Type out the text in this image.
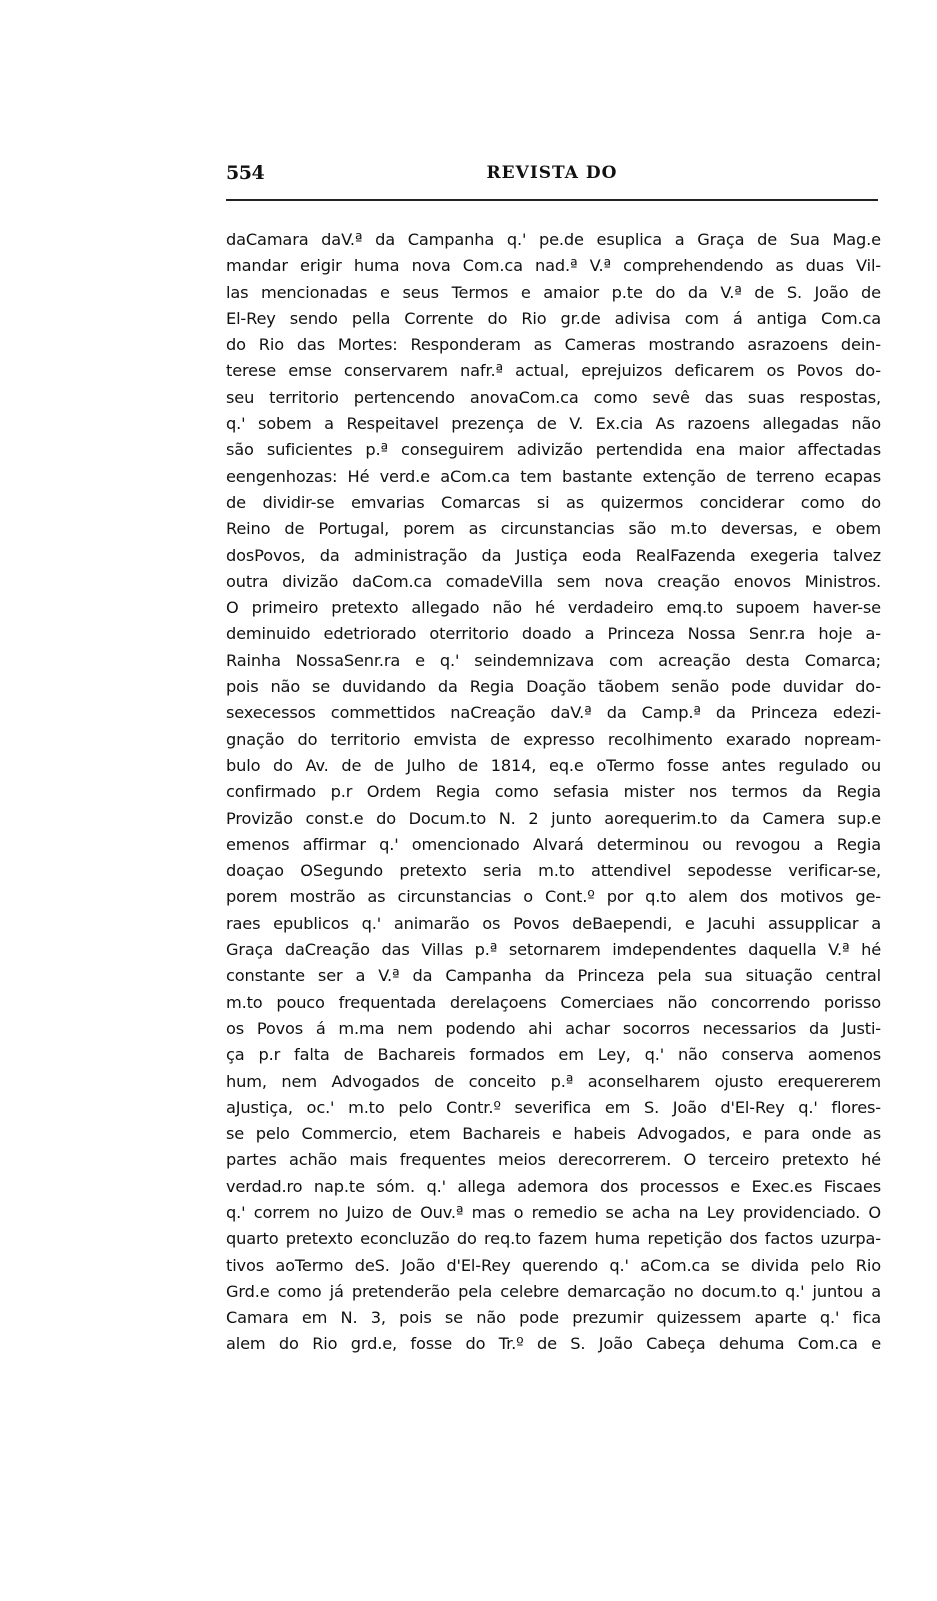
554	REVISTA DO
daCamara daV.ª da Campanha q.' pe.de esuplica a Graça de Sua Mag.e
mandar erigir huma nova Com.ca nad.ª V.ª comprehendendo as duas Vil-
las mencionadas e seus Termos e amaior p.te do da V.ª de S. João de
El-Rey sendo pella Corrente do Rio gr.de adivisa com á antiga Com.ca
do Rio das Mortes: Responderam as Cameras mostrando asrazoens dein-
terese emse conservarem nafr.ª actual, eprejuizos deficarem os Povos do-
seu territorio pertencendo anovaCom.ca como sevê das suas respostas,
q.' sobem a Respeitavel prezença de V. Ex.cia As razoens allegadas não
são suficientes p.ª conseguirem adivizão pertendida ena maior affectadas
eengenhozas: Hé verd.e aCom.ca tem bastante extenção de terreno ecapas
de dividir-se emvarias Comarcas si as quizermos conciderar como do
Reino de Portugal, porem as circunstancias são m.to deversas, e obem
dosPovos, da administração da Justiça eoda RealFazenda exegeria talvez
outra divizão daCom.ca comadeVilla sem nova creação enovos Ministros.
O primeiro pretexto allegado não hé verdadeiro emq.to supoem haver-se
deminuido edetriorado oterritorio doado a Princeza Nossa Senr.ra hoje a-
Rainha NossaSenr.ra e q.' seindemnizava com acreação desta Comarca;
pois não se duvidando da Regia Doação tãobem senão pode duvidar do-
sexecessos commettidos naCreação daV.ª da Camp.ª da Princeza edezi-
gnação do territorio emvista de expresso recolhimento exarado nopream-
bulo do Av. de de Julho de 1814, eq.e oTermo fosse antes regulado ou
confirmado p.r Ordem Regia como sefasia mister nos termos da Regia
Provizão const.e do Docum.to N. 2 junto aorequerim.to da Camera sup.e
emenos affirmar q.' omencionado Alvará determinou ou revogou a Regia
doaçao OSegundo pretexto seria m.to attendivel sepodesse verificar-se,
porem mostrão as circunstancias o Cont.º por q.to alem dos motivos ge-
raes epublicos q.' animarão os Povos deBaependi, e Jacuhi assupplicar a
Graça daCreação das Villas p.ª setornarem imdependentes daquella V.ª hé
constante ser a V.ª da Campanha da Princeza pela sua situação central
m.to pouco frequentada derelaçoens Comerciaes não concorrendo porisso
os Povos á m.ma nem podendo ahi achar socorros necessarios da Justi-
ça p.r falta de Bachareis formados em Ley, q.' não conserva aomenos
hum, nem Advogados de conceito p.ª aconselharem ojusto erequererem
aJustiça, oc.' m.to pelo Contr.º severifica em S. João d'El-Rey q.' flores-
se pelo Commercio, etem Bachareis e habeis Advogados, e para onde as
partes achão mais frequentes meios derecorrerem. O terceiro pretexto hé
verdad.ro nap.te sóm. q.' allega ademora dos processos e Exec.es Fiscaes
q.' correm no Juizo de Ouv.ª mas o remedio se acha na Ley providenciado. O
quarto pretexto econcluzão do req.to fazem huma repetição dos factos uzurpa-
tivos aoTermo deS. João d'El-Rey querendo q.' aCom.ca se divida pelo Rio
Grd.e como já pretenderão pela celebre demarcação no docum.to q.' juntou a
Camara em N. 3, pois se não pode prezumir quizessem aparte q.' fica
alem do Rio grd.e, fosse do Tr.º de S. João Cabeça dehuma Com.ca e
